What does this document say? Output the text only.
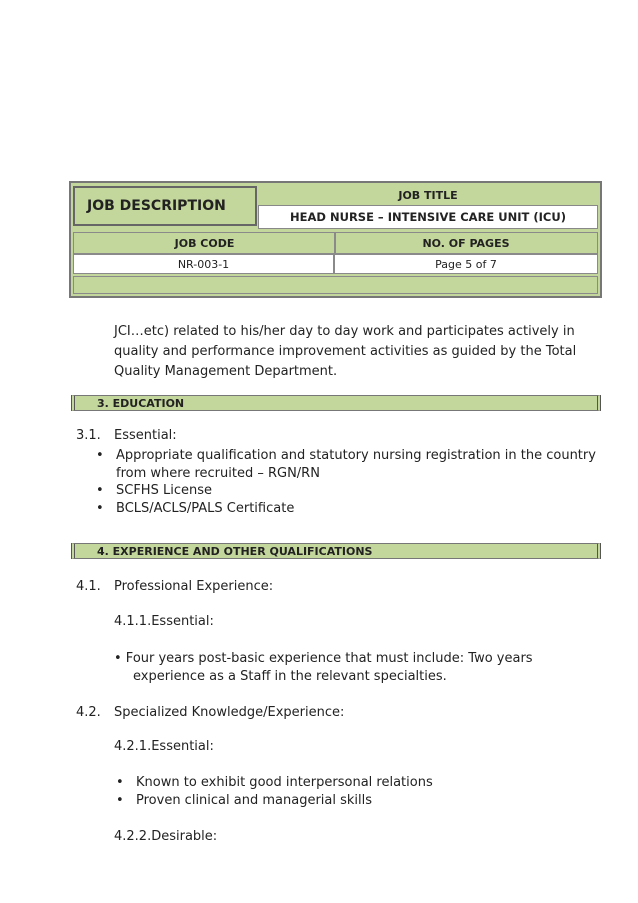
JOB DESCRIPTION
JOB TITLE
HEAD NURSE – INTENSIVE CARE UNIT (ICU)
JOB CODE	NO. OF PAGES
NR-003-1	Page 5 of 7
JCI…etc) related to his/her day to day work and participates actively in
quality and performance improvement activities as guided by the Total
Quality Management Department.
3. EDUCATION
3.1. Essential:
• Appropriate qualification and statutory nursing registration in the country
from where recruited – RGN/RN
• SCFHS License
• BCLS/ACLS/PALS Certificate
4. EXPERIENCE AND OTHER QUALIFICATIONS
4.1. Professional Experience:
4.1.1.Essential:
• Four years post-basic experience that must include: Two years
experience as a Staff in the relevant specialties.
4.2. Specialized Knowledge/Experience:
4.2.1.Essential:
• Known to exhibit good interpersonal relations
• Proven clinical and managerial skills
4.2.2.Desirable:
